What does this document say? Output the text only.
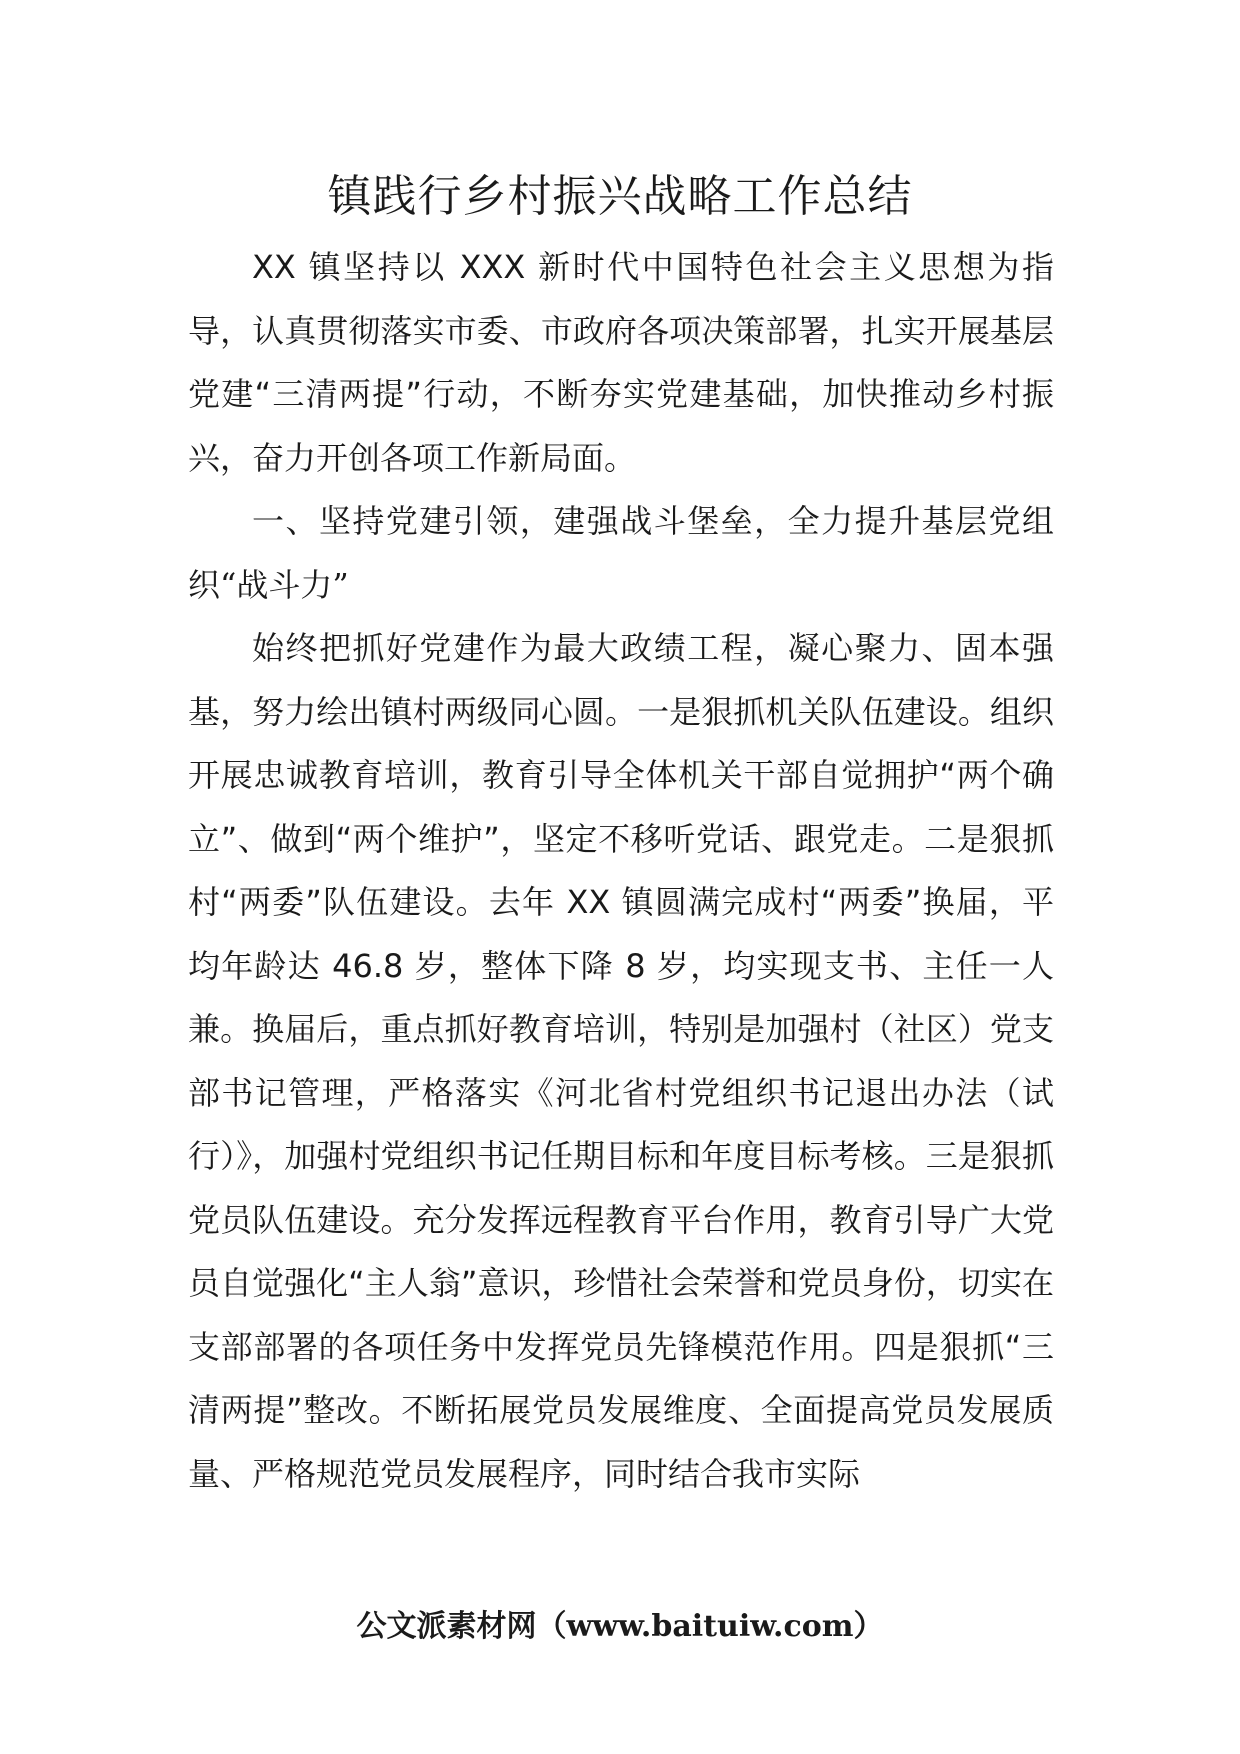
镇践行乡村振兴战略工作总结

XX 镇坚持以 XXX 新时代中国特色社会主义思想为指导，认真贯彻落实市委、市政府各项决策部署，扎实开展基层党建“三清两提”行动，不断夯实党建基础，加快推动乡村振兴，奋力开创各项工作新局面。

一、坚持党建引领，建强战斗堡垒，全力提升基层党组织“战斗力”

始终把抓好党建作为最大政绩工程，凝心聚力、固本强基，努力绘出镇村两级同心圆。一是狠抓机关队伍建设。组织开展忠诚教育培训，教育引导全体机关干部自觉拥护“两个确立”、做到“两个维护”，坚定不移听党话、跟党走。二是狠抓村“两委”队伍建设。去年 XX 镇圆满完成村“两委”换届，平均年龄达 46.8 岁，整体下降 8 岁，均实现支书、主任一人兼。换届后，重点抓好教育培训，特别是加强村（社区）党支部书记管理，严格落实《河北省村党组织书记退出办法（试行）》，加强村党组织书记任期目标和年度目标考核。三是狠抓党员队伍建设。充分发挥远程教育平台作用，教育引导广大党员自觉强化“主人翁”意识，珍惜社会荣誉和党员身份，切实在支部部署的各项任务中发挥党员先锋模范作用。四是狠抓“三清两提”整改。不断拓展党员发展维度、全面提高党员发展质量、严格规范党员发展程序，同时结合我市实际

公文派素材网（www.baituiw.com）
